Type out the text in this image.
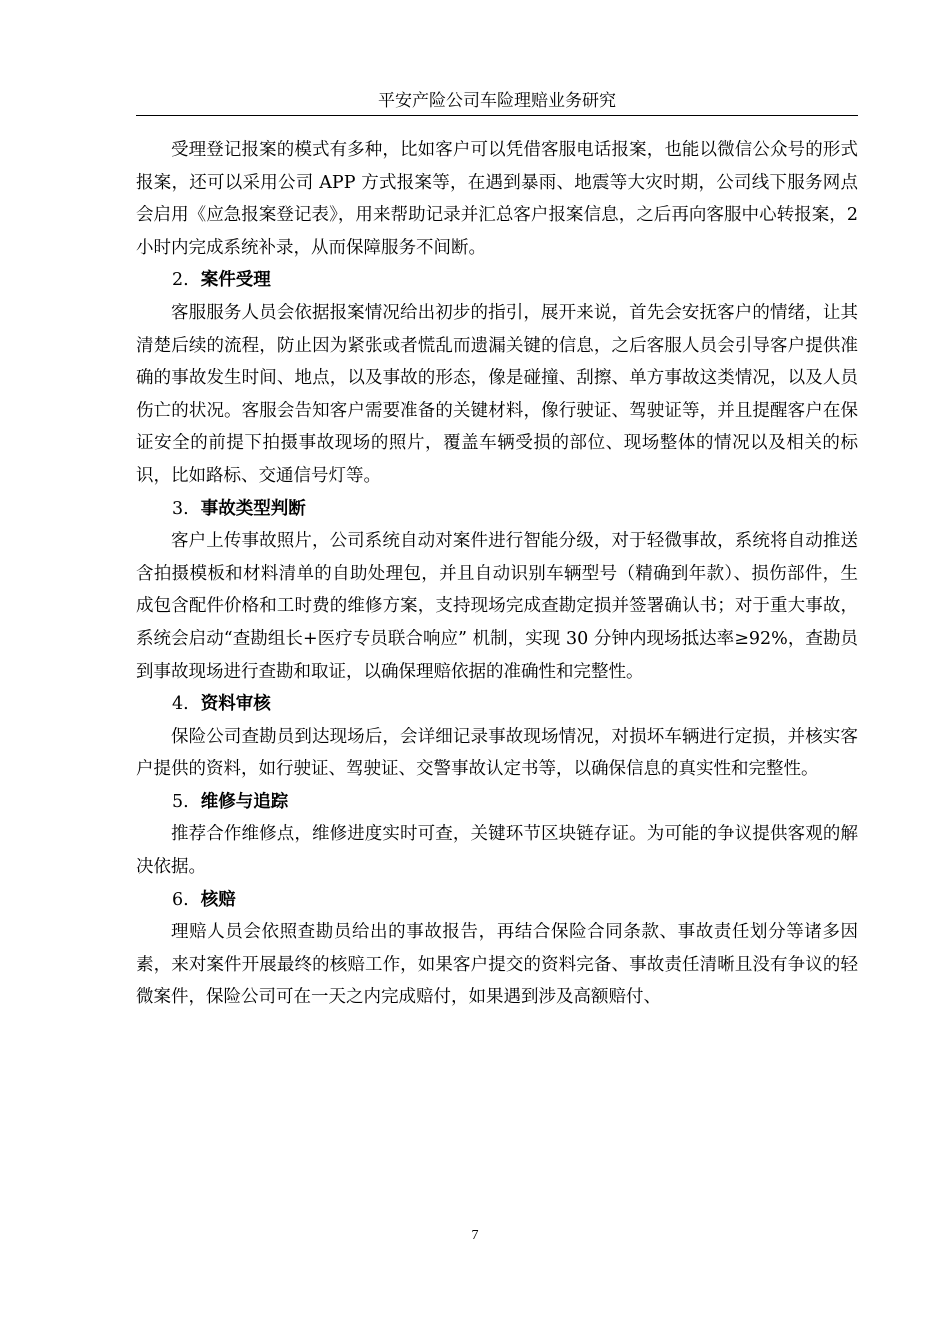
平安产险公司车险理赔业务研究

受理登记报案的模式有多种，比如客户可以凭借客服电话报案，也能以微信公众号的形式报案，还可以采用公司 APP 方式报案等，在遇到暴雨、地震等大灾时期，公司线下服务网点会启用《应急报案登记表》，用来帮助记录并汇总客户报案信息，之后再向客服中心转报案，2 小时内完成系统补录，从而保障服务不间断。

2. 案件受理

客服服务人员会依据报案情况给出初步的指引，展开来说，首先会安抚客户的情绪，让其清楚后续的流程，防止因为紧张或者慌乱而遗漏关键的信息，之后客服人员会引导客户提供准确的事故发生时间、地点，以及事故的形态，像是碰撞、刮擦、单方事故这类情况，以及人员伤亡的状况。客服会告知客户需要准备的关键材料，像行驶证、驾驶证等，并且提醒客户在保证安全的前提下拍摄事故现场的照片，覆盖车辆受损的部位、现场整体的情况以及相关的标识，比如路标、交通信号灯等。

3. 事故类型判断

客户上传事故照片，公司系统自动对案件进行智能分级，对于轻微事故，系统将自动推送含拍摄模板和材料清单的自助处理包，并且自动识别车辆型号（精确到年款）、损伤部件，生成包含配件价格和工时费的维修方案，支持现场完成查勘定损并签署确认书；对于重大事故，系统会启动“查勘组长+医疗专员联合响应” 机制，实现 30 分钟内现场抵达率≥92%，查勘员到事故现场进行查勘和取证，以确保理赔依据的准确性和完整性。

4. 资料审核

保险公司查勘员到达现场后，会详细记录事故现场情况，对损坏车辆进行定损，并核实客户提供的资料，如行驶证、驾驶证、交警事故认定书等，以确保信息的真实性和完整性。

5. 维修与追踪

推荐合作维修点，维修进度实时可查，关键环节区块链存证。为可能的争议提供客观的解决依据。

6. 核赔

理赔人员会依照查勘员给出的事故报告，再结合保险合同条款、事故责任划分等诸多因素，来对案件开展最终的核赔工作，如果客户提交的资料完备、事故责任清晰且没有争议的轻微案件，保险公司可在一天之内完成赔付，如果遇到涉及高额赔付、

7
